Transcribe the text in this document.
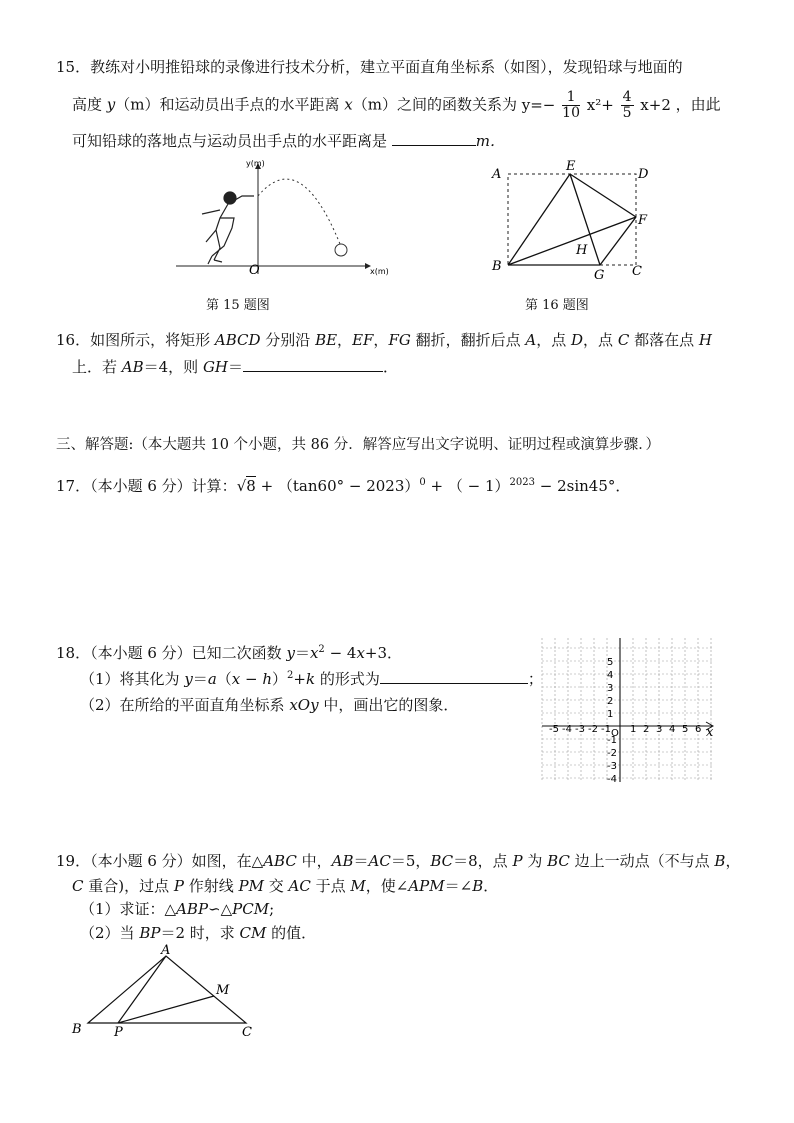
15．教练对小明推铅球的录像进行技术分析，建立平面直角坐标系（如图），发现铅球与地面的
高度 y（m）和运动员出手点的水平距离 x（m）之间的函数关系为 $y=- \frac{1}{10} x^2+ \frac{4}{5} x+2$ ，由此
可知铅球的落地点与运动员出手点的水平距离是	m．
y(m)
x(m)
O
第 15 题图
A
E
D
F
H
B
G C
第 16 题图
16．如图所示，将矩形 ABCD 分别沿 BE，EF，FG 翻折，翻折后点 A，点 D，点 C 都落在点 H
上．若 AB＝4，则 GH＝	．
三、解答题:（本大题共 10 个小题，共 86 分．解答应写出文字说明、证明过程或演算步骤．）
17．（本小题 6 分）计算：$√8 + (\tan 60^\circ - 2023)^0$ + （ − 1）$^{2023}$ − 2sin45°．
18．（本小题 6 分）已知二次函数 $y=x^2 - 4x+3$．
（1）将其化为 $y=a(x - h)^2+k$ 的形式为	；
（2）在所给的平面直角坐标系 xOy 中，画出它的图象．
x
O
-5 -4 -3 -2 -1 1 2 3 4 5 6
5
4
3
2
1
-1
-2
-3
-4
19．（本小题 6 分）如图，在△ABC 中，AB＝AC＝5，BC＝8，点 P 为 BC 边上一动点（不与点 B，
C 重合)，过点 P 作射线 PM 交 AC 于点 M，使∠APM＝∠B．
（1）求证：△ABP∽△PCM;
（2）当 BP＝2 时，求 CM 的值．
A
M
B P	C
